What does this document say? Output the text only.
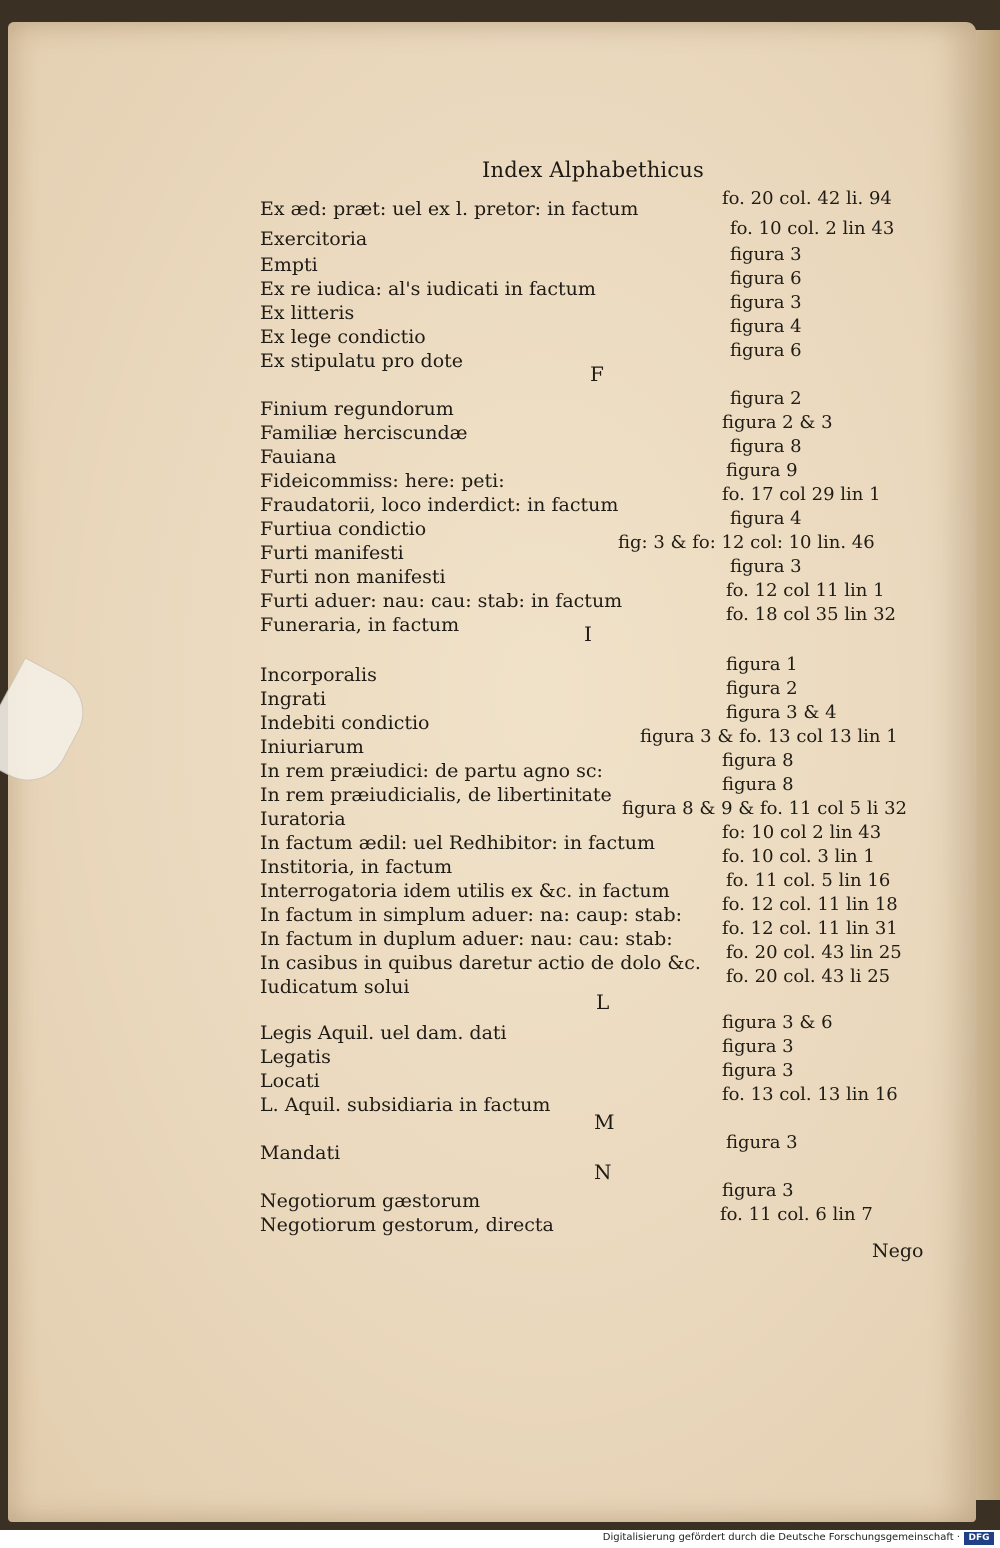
Index Alphabethicus
Ex æd: præt: uel ex l. pretor: in factum	fo. 20 col. 42 li. 94
Exercitoria	fo. 10 col. 2 lin 43
Empti	figura 3
Ex re iudica: al's iudicati in factum	figura 6
Ex litteris	figura 3
Ex lege condictio	figura 4
Ex stipulatu pro dote	figura 6
Finium regundorum	figura 2
Familiæ herciscundæ	figura 2 & 3
Fauiana	figura 8
Fideicommiss: here: peti:	figura 9
Fraudatorii, loco inderdict: in factum	fo. 17 col 29 lin 1
Furtiua condictio	figura 4
Furti manifesti	fig: 3 & fo: 12 col: 10 lin. 46
Furti non manifesti	figura 3
Furti aduer: nau: cau: stab: in factum	fo. 12 col 11 lin 1
Funeraria, in factum	fo. 18 col 35 lin 32
Incorporalis	figura 1
Ingrati	figura 2
Indebiti condictio	figura 3 & 4
Iniuriarum	figura 3 & fo. 13 col 13 lin 1
In rem præiudici: de partu agno sc:	figura 8
In rem præiudicialis, de libertinitate	figura 8
Iuratoria	figura 8 & 9 & fo. 11 col 5 li 32
In factum ædil: uel Redhibitor: in factum	fo: 10 col 2 lin 43
Institoria, in factum	fo. 10 col. 3 lin 1
Interrogatoria idem utilis ex &c. in factum	fo. 11 col. 5 lin 16
In factum in simplum aduer: na: caup: stab: fo. 12 col. 11 lin 18
In factum in duplum aduer: nau: cau: stab:	fo. 12 col. 11 lin 31
In casibus in quibus daretur actio de dolo &c. fo. 20 col. 43 lin 25
Iudicatum solui	fo. 20 col. 43 li 25
Legis Aquil. uel dam. dati	figura 3 & 6
Legatis	figura 3
Locati	figura 3
L. Aquil. subsidiaria in factum	fo. 13 col. 13 lin 16
Mandati	figura 3
Negotiorum gæstorum	figura 3
Negotiorum gestorum, directa	fo. 11 col. 6 lin 7
F
I
L
M
N
Nego
Digitalisierung gefördert durch die Deutsche Forschungsgemeinschaft · DFG
